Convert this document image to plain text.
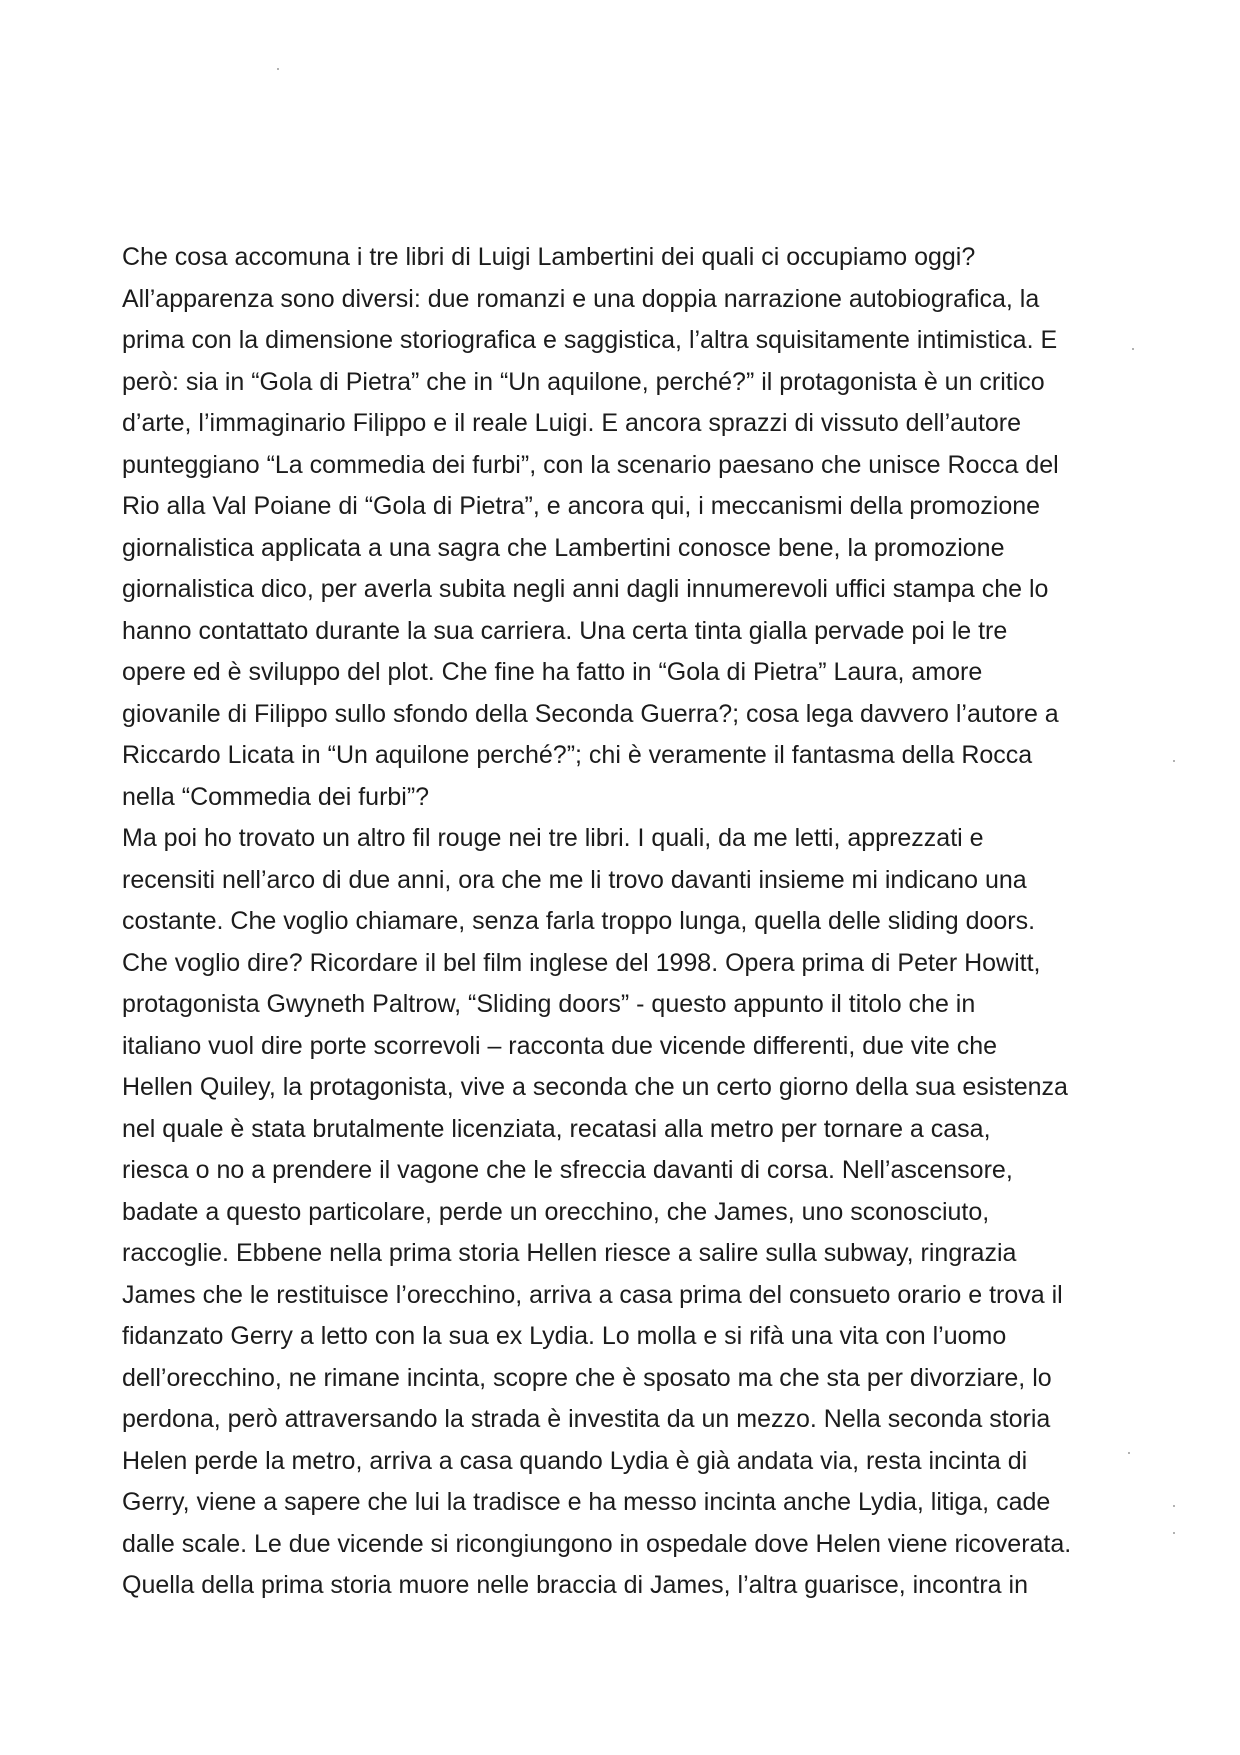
Che cosa accomuna i tre libri di Luigi Lambertini dei quali ci occupiamo oggi?
All’apparenza sono diversi: due romanzi e una doppia narrazione autobiografica, la
prima con la dimensione storiografica e saggistica, l’altra squisitamente intimistica. E
però: sia in “Gola di Pietra” che in “Un aquilone, perché?” il protagonista è un critico
d’arte, l’immaginario Filippo e il reale Luigi. E ancora sprazzi di vissuto dell’autore
punteggiano “La commedia dei furbi”, con la scenario paesano che unisce Rocca del
Rio alla Val Poiane di “Gola di Pietra”, e ancora qui, i meccanismi della promozione
giornalistica applicata a una sagra che Lambertini conosce bene, la promozione
giornalistica dico, per averla subita negli anni dagli innumerevoli uffici stampa che lo
hanno contattato durante la sua carriera. Una certa tinta gialla pervade poi le tre
opere ed è sviluppo del plot. Che fine ha fatto in “Gola di Pietra” Laura, amore
giovanile di Filippo sullo sfondo della Seconda Guerra?; cosa lega davvero l’autore a
Riccardo Licata in “Un aquilone perché?”; chi è veramente il fantasma della Rocca
nella “Commedia dei furbi”?
Ma poi ho trovato un altro fil rouge nei tre libri. I quali, da me letti, apprezzati e
recensiti nell’arco di due anni, ora che me li trovo davanti insieme mi indicano una
costante. Che voglio chiamare, senza farla troppo lunga, quella delle sliding doors.
Che voglio dire? Ricordare il bel film inglese del 1998. Opera prima di Peter Howitt,
protagonista Gwyneth Paltrow, “Sliding doors” - questo appunto il titolo che in
italiano vuol dire porte scorrevoli – racconta due vicende differenti, due vite che
Hellen Quiley, la protagonista, vive a seconda che un certo giorno della sua esistenza
nel quale è stata brutalmente licenziata, recatasi alla metro per tornare a casa,
riesca o no a prendere il vagone che le sfreccia davanti di corsa. Nell’ascensore,
badate a questo particolare, perde un orecchino, che James, uno sconosciuto,
raccoglie. Ebbene nella prima storia Hellen riesce a salire sulla subway, ringrazia
James che le restituisce l’orecchino, arriva a casa prima del consueto orario e trova il
fidanzato Gerry a letto con la sua ex Lydia. Lo molla e si rifà una vita con l’uomo
dell’orecchino, ne rimane incinta, scopre che è sposato ma che sta per divorziare, lo
perdona, però attraversando la strada è investita da un mezzo. Nella seconda storia
Helen perde la metro, arriva a casa quando Lydia è già andata via, resta incinta di
Gerry, viene a sapere che lui la tradisce e ha messo incinta anche Lydia, litiga, cade
dalle scale. Le due vicende si ricongiungono in ospedale dove Helen viene ricoverata.
Quella della prima storia muore nelle braccia di James, l’altra guarisce, incontra in
